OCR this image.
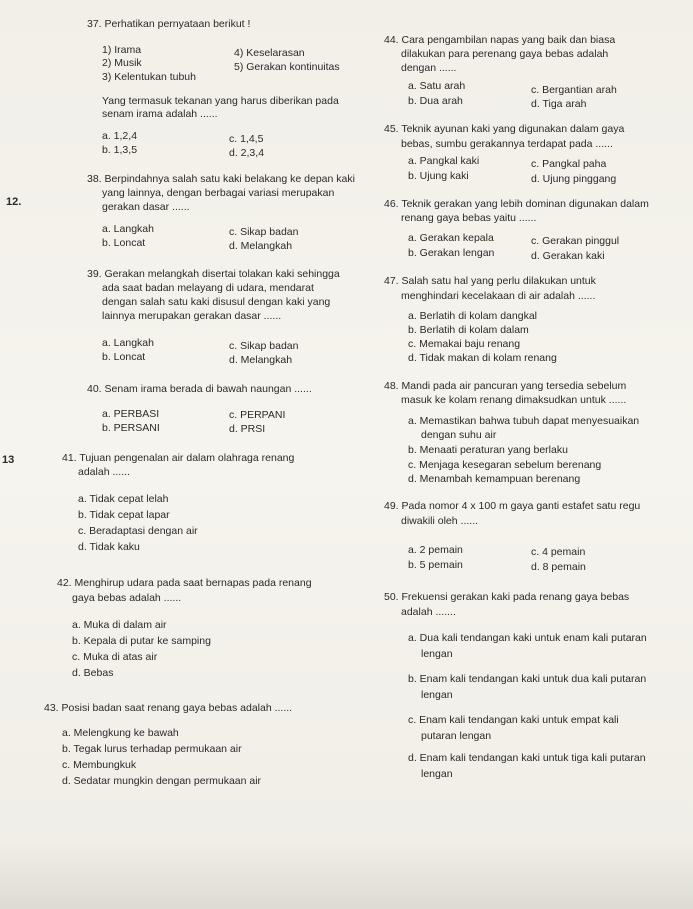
12.
13
37. Perhatikan pernyataan berikut !
1) Irama
2) Musik
3) Kelentukan tubuh
4) Keselarasan
5) Gerakan kontinuitas
Yang termasuk tekanan yang harus diberikan pada
senam irama adalah ......
a. 1,2,4
b. 1,3,5
c. 1,4,5
d. 2,3,4
38. Berpindahnya salah satu kaki belakang ke depan kaki
yang lainnya, dengan berbagai variasi merupakan
gerakan dasar ......
a. Langkah
b. Loncat
c. Sikap badan
d. Melangkah
39. Gerakan melangkah disertai tolakan kaki sehingga
ada saat badan melayang di udara, mendarat
dengan salah satu kaki disusul dengan kaki yang
lainnya merupakan gerakan dasar ......
a. Langkah
b. Loncat
c. Sikap badan
d. Melangkah
40. Senam irama berada di bawah naungan ......
a. PERBASI
b. PERSANI
c. PERPANI
d. PRSI
41. Tujuan pengenalan air dalam olahraga renang
adalah ......
a. Tidak cepat lelah
b. Tidak cepat lapar
c. Beradaptasi dengan air
d. Tidak kaku
42. Menghirup udara pada saat bernapas pada renang
gaya bebas adalah ......
a. Muka di dalam air
b. Kepala di putar ke samping
c. Muka di atas air
d. Bebas
43. Posisi badan saat renang gaya bebas adalah ......
a. Melengkung ke bawah
b. Tegak lurus terhadap permukaan air
c. Membungkuk
d. Sedatar mungkin dengan permukaan air
44. Cara pengambilan napas yang baik dan biasa
dilakukan para perenang gaya bebas adalah
dengan ......
a. Satu arah
b. Dua arah
c. Bergantian arah
d. Tiga arah
45. Teknik ayunan kaki yang digunakan dalam gaya
bebas, sumbu gerakannya terdapat pada ......
a. Pangkal kaki
b. Ujung kaki
c. Pangkal paha
d. Ujung pinggang
46. Teknik gerakan yang lebih dominan digunakan dalam
renang gaya bebas yaitu ......
a. Gerakan kepala
b. Gerakan lengan
c. Gerakan pinggul
d. Gerakan kaki
47. Salah satu hal yang perlu dilakukan untuk
menghindari kecelakaan di air adalah ......
a. Berlatih di kolam dangkal
b. Berlatih di kolam dalam
c. Memakai baju renang
d. Tidak makan di kolam renang
48. Mandi pada air pancuran yang tersedia sebelum
masuk ke kolam renang dimaksudkan untuk ......
a. Memastikan bahwa tubuh dapat menyesuaikan
dengan suhu air
b. Menaati peraturan yang berlaku
c. Menjaga kesegaran sebelum berenang
d. Menambah kemampuan berenang
49. Pada nomor 4 x 100 m gaya ganti estafet satu regu
diwakili oleh ......
a. 2 pemain
b. 5 pemain
c. 4 pemain
d. 8 pemain
50. Frekuensi gerakan kaki pada renang gaya bebas
adalah .......
a. Dua kali tendangan kaki untuk enam kali putaran
lengan
b. Enam kali tendangan kaki untuk dua kali putaran
lengan
c. Enam kali tendangan kaki untuk empat kali
putaran lengan
d. Enam kali tendangan kaki untuk tiga kali putaran
lengan
